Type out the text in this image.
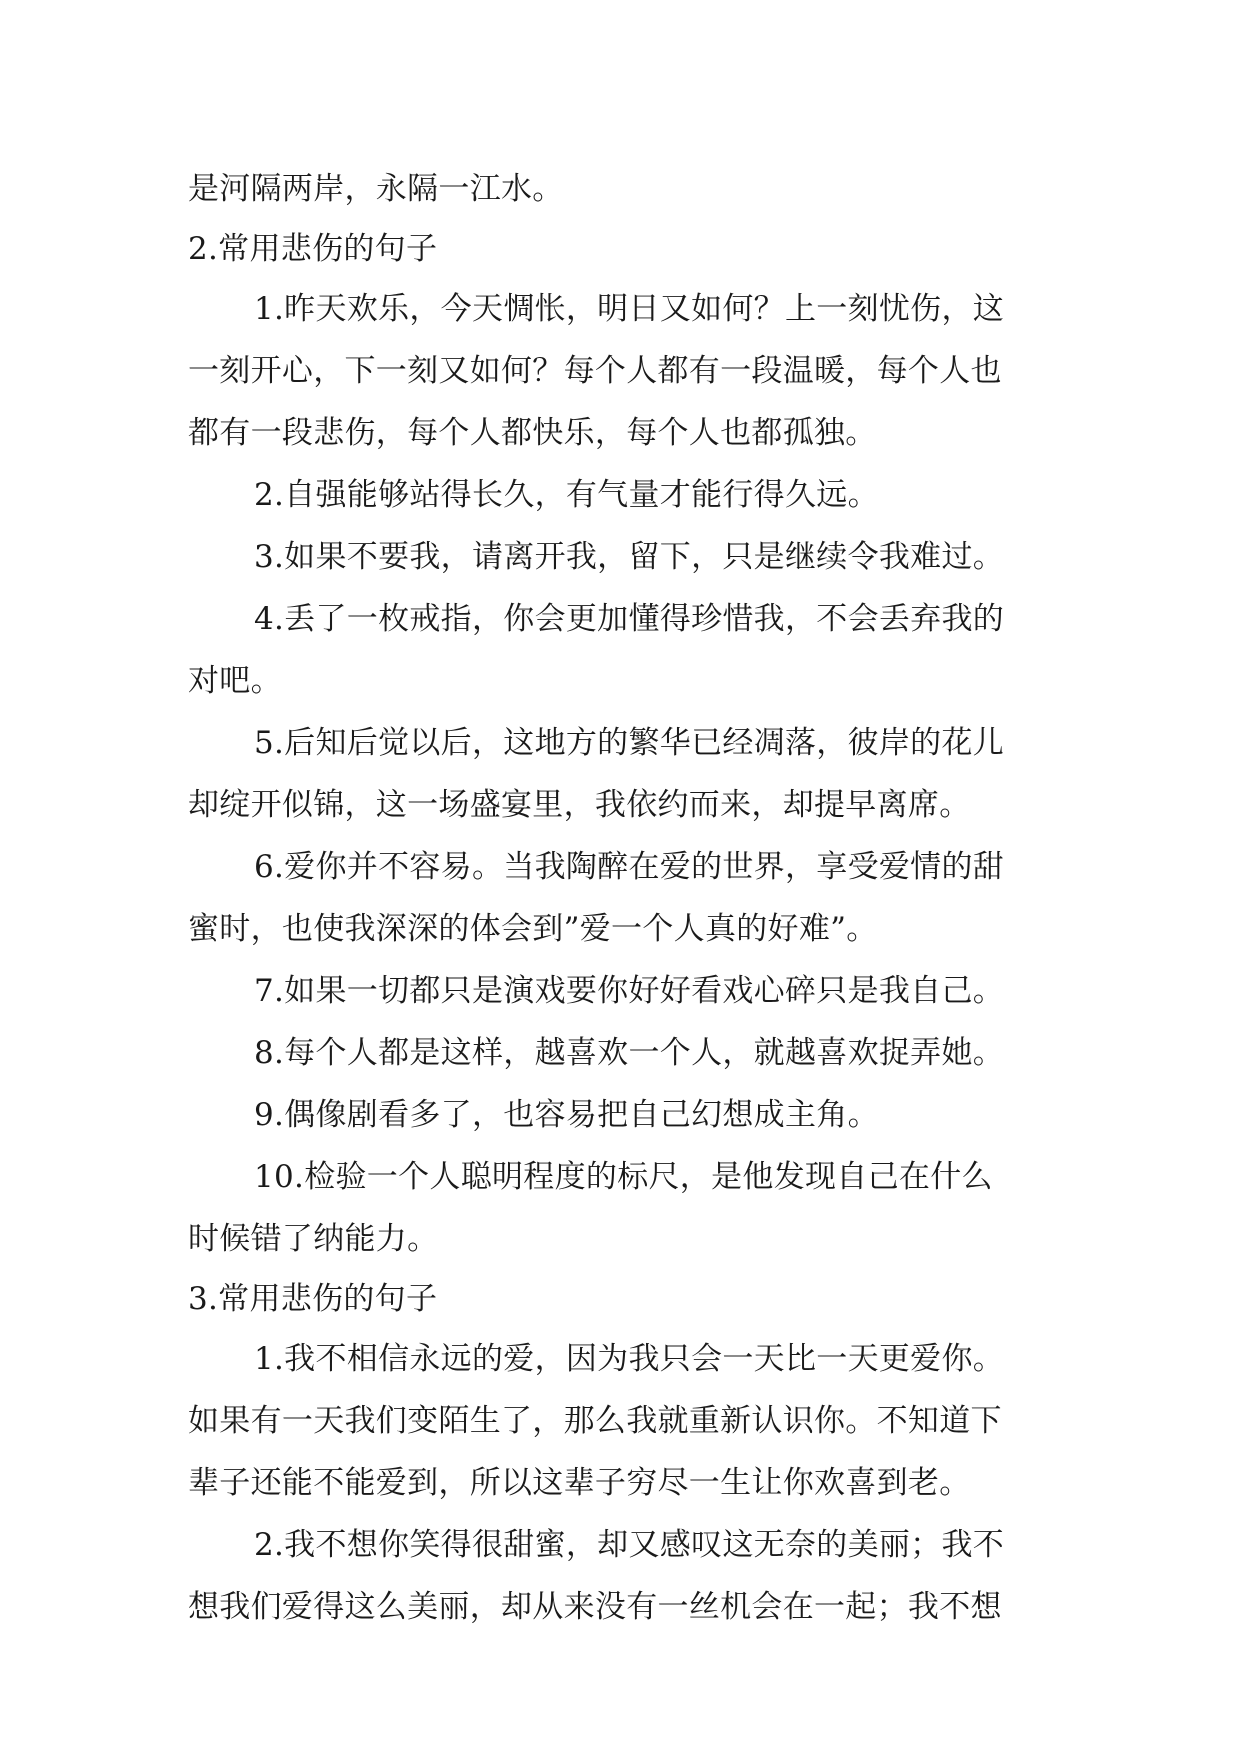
是河隔两岸，永隔一江水。
2.常用悲伤的句子
1.昨天欢乐，今天惆怅，明日又如何？上一刻忧伤，这
一刻开心，下一刻又如何？每个人都有一段温暖，每个人也
都有一段悲伤，每个人都快乐，每个人也都孤独。
2.自强能够站得长久，有气量才能行得久远。
3.如果不要我，请离开我，留下，只是继续令我难过。
4.丢了一枚戒指，你会更加懂得珍惜我，不会丢弃我的
对吧。
5.后知后觉以后，这地方的繁华已经凋落，彼岸的花儿
却绽开似锦，这一场盛宴里，我依约而来，却提早离席。
6.爱你并不容易。当我陶醉在爱的世界，享受爱情的甜
蜜时，也使我深深的体会到”爱一个人真的好难”。
7.如果一切都只是演戏要你好好看戏心碎只是我自己。
8.每个人都是这样，越喜欢一个人，就越喜欢捉弄她。
9.偶像剧看多了，也容易把自己幻想成主角。
10.检验一个人聪明程度的标尺，是他发现自己在什么
时候错了纳能力。
3.常用悲伤的句子
1.我不相信永远的爱，因为我只会一天比一天更爱你。
如果有一天我们变陌生了，那么我就重新认识你。不知道下
辈子还能不能爱到，所以这辈子穷尽一生让你欢喜到老。
2.我不想你笑得很甜蜜，却又感叹这无奈的美丽；我不
想我们爱得这么美丽，却从来没有一丝机会在一起；我不想
